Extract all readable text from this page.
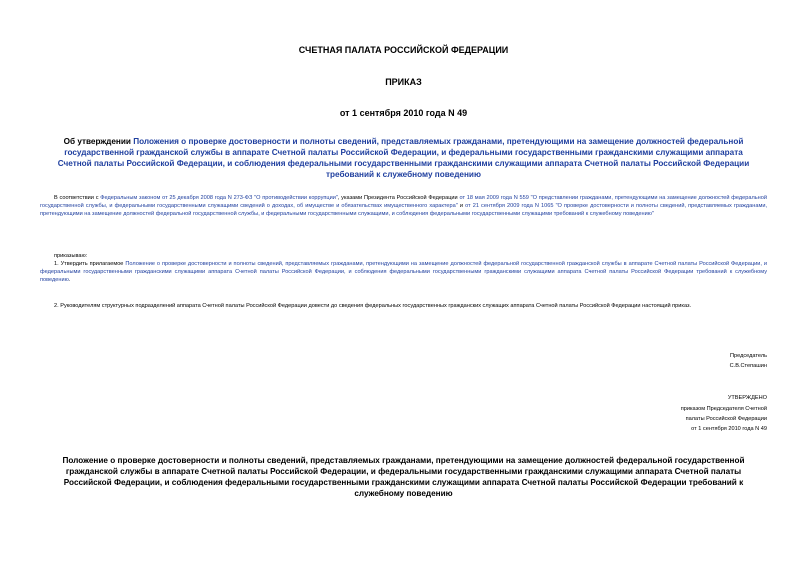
СЧЕТНАЯ ПАЛАТА РОССИЙСКОЙ ФЕДЕРАЦИИ
ПРИКАЗ
от 1 сентября 2010 года N 49
Об утверждении Положения о проверке достоверности и полноты сведений, представляемых гражданами, претендующими на замещение должностей федеральной государственной гражданской службы в аппарате Счетной палаты Российской Федерации, и федеральными государственными гражданскими служащими аппарата Счетной палаты Российской Федерации, и соблюдения федеральными государственными гражданскими служащими аппарата Счетной палаты Российской Федерации требований к служебному поведению
В соответствии с Федеральным законом от 25 декабря 2008 года N 273-ФЗ "О противодействии коррупции", указами Президента Российской Федерации от 18 мая 2009 года N 559 "О представлении гражданами, претендующими на замещение должностей федеральной государственной службы, и федеральными государственными служащими сведений о доходах, об имуществе и обязательствах имущественного характера" и от 21 сентября 2009 года N 1065 "О проверке достоверности и полноты сведений, представляемых гражданами, претендующими на замещение должностей федеральной государственной службы, и федеральными государственными служащими, и соблюдения федеральными государственными служащими требований к служебному поведению"
приказываю:
1. Утвердить прилагаемое Положение о проверке достоверности и полноты сведений, представляемых гражданами, претендующими на замещение должностей федеральной государственной гражданской службы в аппарате Счетной палаты Российской Федерации, и федеральными государственными гражданскими служащими аппарата Счетной палаты Российской Федерации, и соблюдения федеральными государственными гражданскими служащими аппарата Счетной палаты Российской Федерации требований к служебному поведению.
2. Руководителям структурных подразделений аппарата Счетной палаты Российской Федерации довести до сведения федеральных государственных гражданских служащих аппарата Счетной палаты Российской Федерации настоящий приказ.
Председатель
С.В.Степашин
УТВЕРЖДЕНО
приказом Председателя Счетной
палаты Российской Федерации
от 1 сентября 2010 года N 49
Положение о проверке достоверности и полноты сведений, представляемых гражданами, претендующими на замещение должностей федеральной государственной гражданской службы в аппарате Счетной палаты Российской Федерации, и федеральными государственными гражданскими служащими аппарата Счетной палаты Российской Федерации, и соблюдения федеральными государственными гражданскими служащими аппарата Счетной палаты Российской Федерации требований к служебному поведению
